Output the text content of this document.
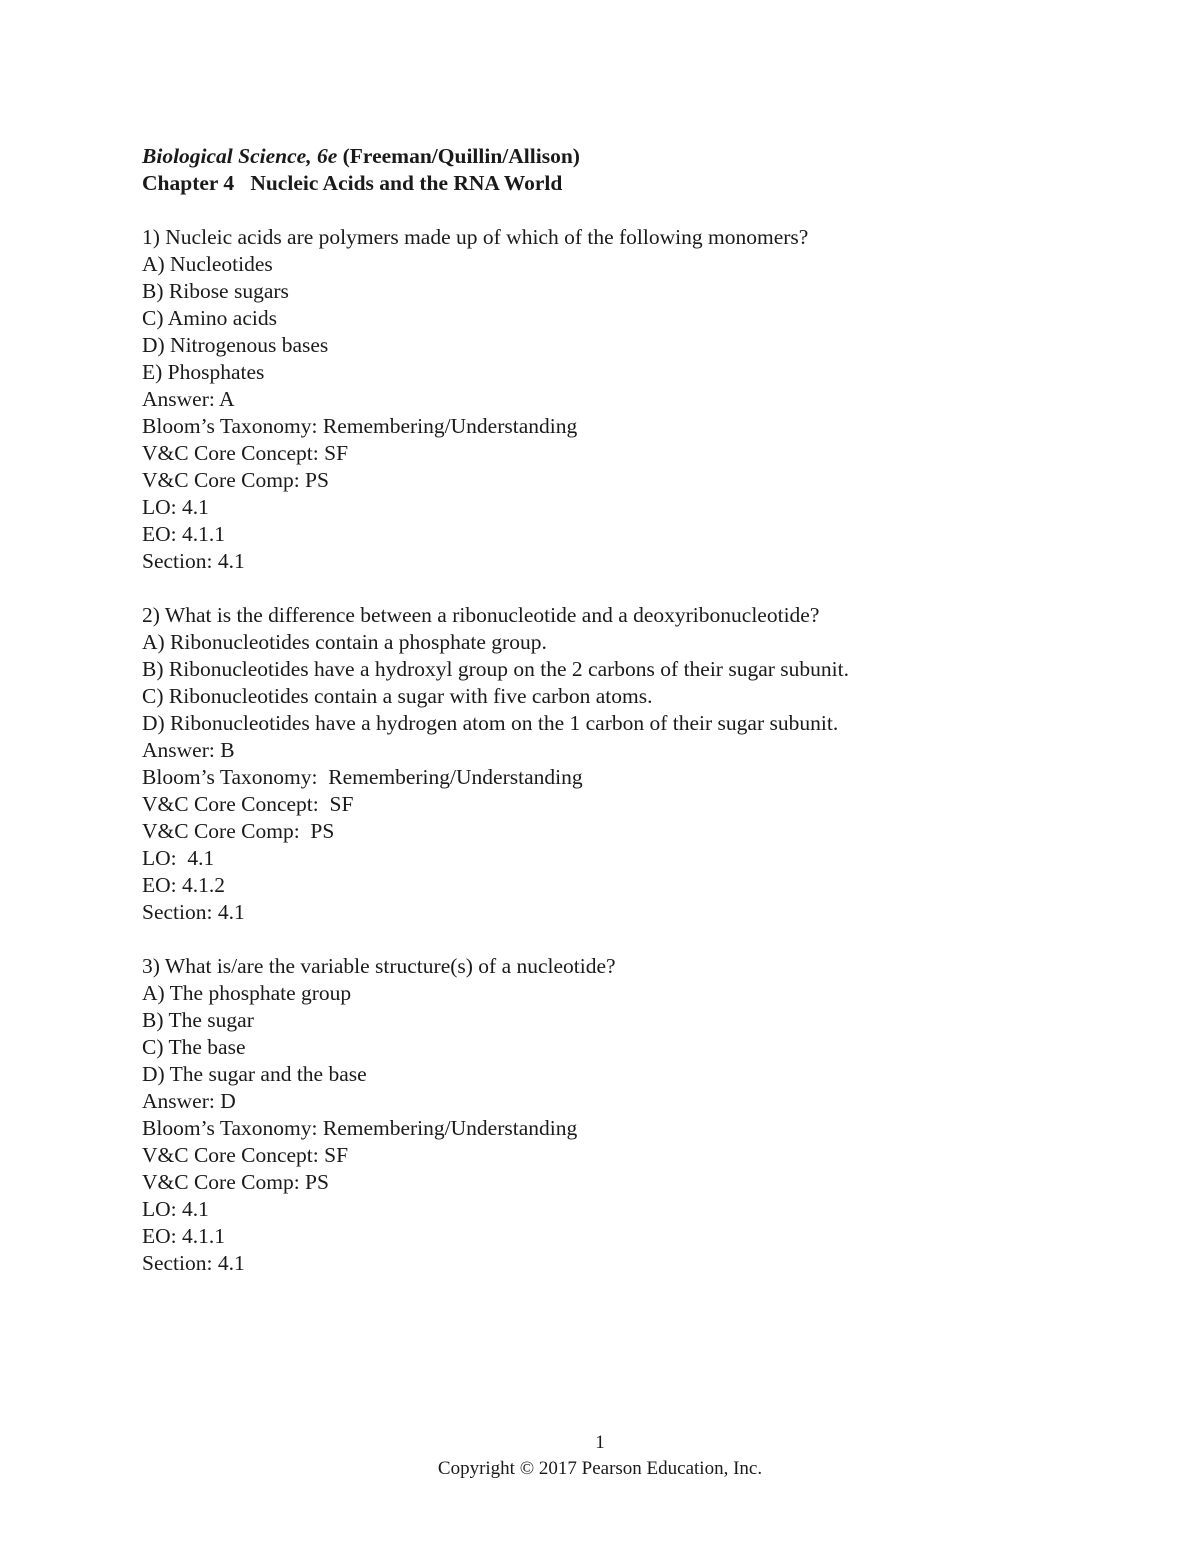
Biological Science, 6e (Freeman/Quillin/Allison)
Chapter 4 Nucleic Acids and the RNA World
1) Nucleic acids are polymers made up of which of the following monomers?
A) Nucleotides
B) Ribose sugars
C) Amino acids
D) Nitrogenous bases
E) Phosphates
Answer: A
Bloom’s Taxonomy: Remembering/Understanding
V&C Core Concept: SF
V&C Core Comp: PS
LO: 4.1
EO: 4.1.1
Section: 4.1
2) What is the difference between a ribonucleotide and a deoxyribonucleotide?
A) Ribonucleotides contain a phosphate group.
B) Ribonucleotides have a hydroxyl group on the 2 carbons of their sugar subunit.
C) Ribonucleotides contain a sugar with five carbon atoms.
D) Ribonucleotides have a hydrogen atom on the 1 carbon of their sugar subunit.
Answer: B
Bloom’s Taxonomy:  Remembering/Understanding
V&C Core Concept:  SF
V&C Core Comp:  PS
LO:  4.1
EO: 4.1.2
Section: 4.1
3) What is/are the variable structure(s) of a nucleotide?
A) The phosphate group
B) The sugar
C) The base
D) The sugar and the base
Answer: D
Bloom’s Taxonomy: Remembering/Understanding
V&C Core Concept: SF
V&C Core Comp: PS
LO: 4.1
EO: 4.1.1
Section: 4.1
1
Copyright © 2017 Pearson Education, Inc.
